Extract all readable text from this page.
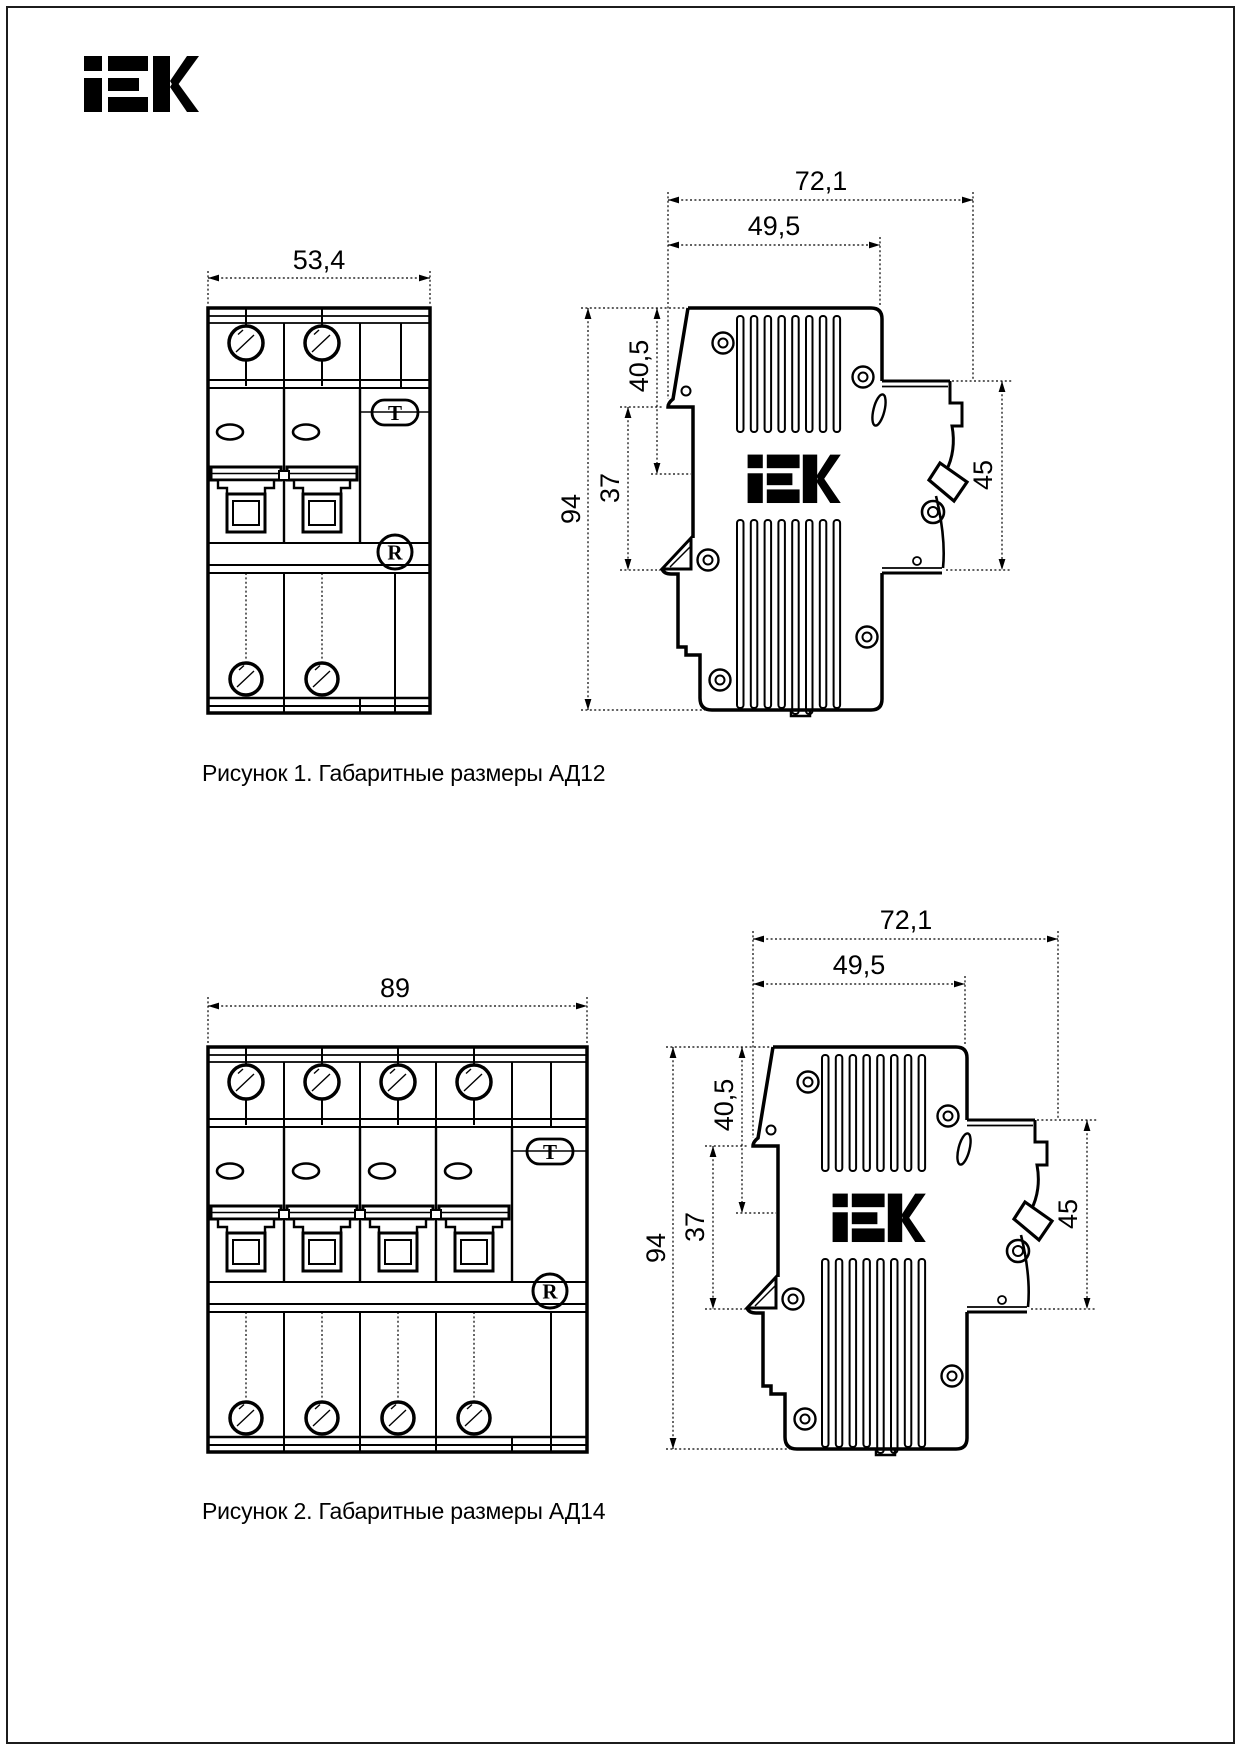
53,4
T
R
72,1
49,5
94
40,5
37	45
Рисунок 1. Габаритные размеры АД12
89
T
R
72,1
49,5
94
40,5
37	45
Рисунок 2. Габаритные размеры АД14
